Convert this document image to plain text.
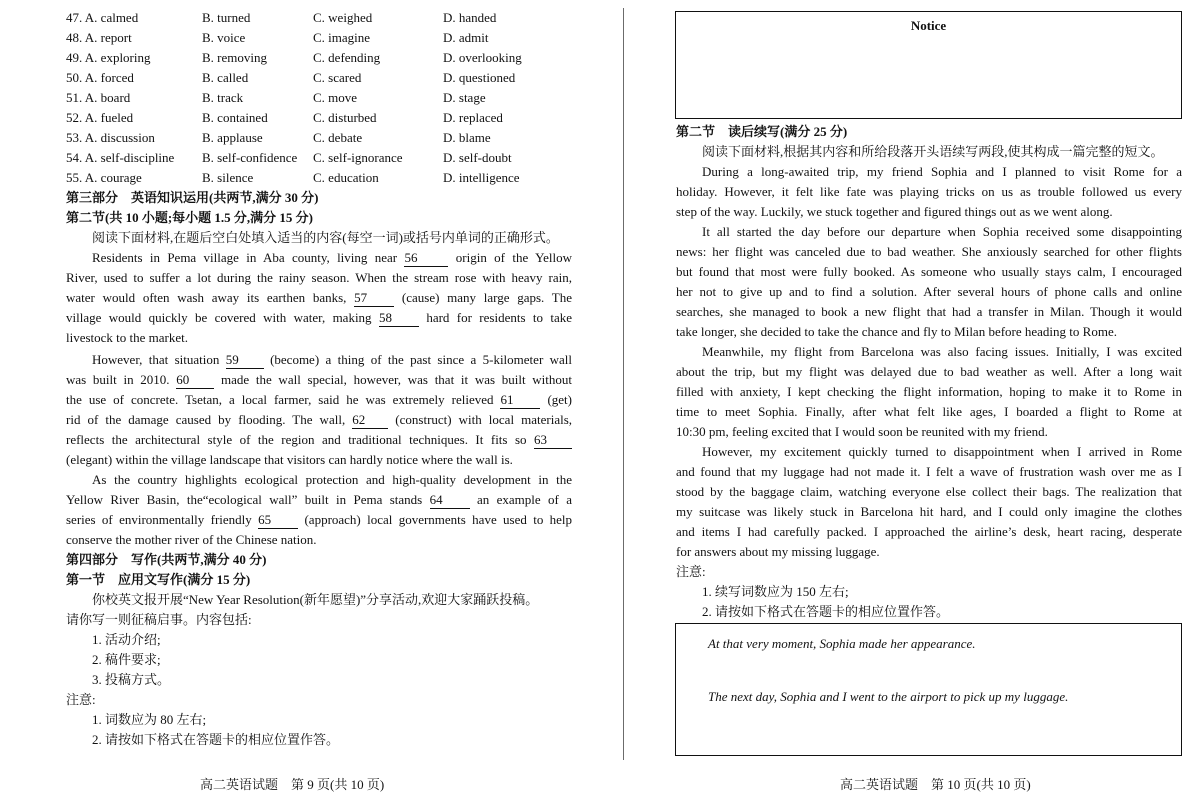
47. A. calmed	B. turned	C. weighed	D. handed
48. A. report	B. voice	C. imagine	D. admit
49. A. exploring	B. removing	C. defending	D. overlooking
50. A. forced	B. called	C. scared	D. questioned
51. A. board	B. track	C. move	D. stage
52. A. fueled	B. contained	C. disturbed	D. replaced
53. A. discussion	B. applause	C. debate	D. blame
54. A. self-discipline B. self-confidence C. self-ignorance	D. self-doubt
55. A. courage	B. silence	C. education	D. intelligence
第三部分　英语知识运用(共两节,满分 30 分)
第二节(共 10 小题;每小题 1.5 分,满分 15 分)
阅读下面材料,在题后空白处填入适当的内容(每空一词)或括号内单词的正确形式。
Residents in Pema village in Aba county, living near 56	origin of the Yellow
River, used to suffer a lot during the rainy season. When the stream rose with heavy rain,
water would often wash away its earthen banks, 57	(cause) many large gaps. The
village would quickly be covered with water, making 58	hard for residents to take
livestock to the market.
However, that situation 59 (become) a thing of the past since a 5-kilometer wall
was built in 2010. 60 made the wall special, however, was that it was built without
the use of concrete. Tsetan, a local farmer, said he was extremely relieved 61	(get)
rid of the damage caused by flooding. The wall, 62 (construct) with local materials,
reflects the architectural style of the region and traditional techniques. It fits so 63
(elegant) within the village landscape that visitors can hardly notice where the wall is.
As the country highlights ecological protection and high-quality development in the
Yellow River Basin, the“ecological wall” built in Pema stands 64	an example of a
series of environmentally friendly 65	(approach) local governments have used to help
conserve the mother river of the Chinese nation.
第四部分　写作(共两节,满分 40 分)
第一节　应用文写作(满分 15 分)
你校英文报开展“New Year Resolution(新年愿望)”分享活动,欢迎大家踊跃投稿。
请你写一则征稿启事。内容包括:
1. 活动介绍;
2. 稿件要求;
3. 投稿方式。
注意:
1. 词数应为 80 左右;
2. 请按如下格式在答题卡的相应位置作答。
高二英语试题　第 9 页(共 10 页)
Notice
第二节　读后续写(满分 25 分)
阅读下面材料,根据其内容和所给段落开头语续写两段,使其构成一篇完整的短文。
During a long-awaited trip, my friend Sophia and I planned to visit Rome for a
holiday. However, it felt like fate was playing tricks on us as trouble followed us every
step of the way. Luckily, we stuck together and figured things out as we went along.
It all started the day before our departure when Sophia received some disappointing
news: her flight was canceled due to bad weather. She anxiously searched for other flights
but found that most were fully booked. As someone who usually stays calm, I encouraged
her not to give up and to find a solution. After several hours of phone calls and online
searches, she managed to book a new flight that had a transfer in Milan. Though it would
take longer, she decided to take the chance and fly to Milan before heading to Rome.
Meanwhile, my flight from Barcelona was also facing issues. Initially, I was excited
about the trip, but my flight was delayed due to bad weather as well. After a long wait
filled with anxiety, I kept checking the flight information, hoping to make it to Rome in
time to meet Sophia. Finally, after what felt like ages, I boarded a flight to Rome at
10:30 pm, feeling excited that I would soon be reunited with my friend.
However, my excitement quickly turned to disappointment when I arrived in Rome
and found that my luggage had not made it. I felt a wave of frustration wash over me as I
stood by the baggage claim, watching everyone else collect their bags. The realization that
my suitcase was likely stuck in Barcelona hit hard, and I could only imagine the clothes
and items I had carefully packed. I approached the airline’s desk, heart racing, desperate
for answers about my missing luggage.
注意:
1. 续写词数应为 150 左右;
2. 请按如下格式在答题卡的相应位置作答。
At that very moment, Sophia made her appearance.
The next day, Sophia and I went to the airport to pick up my luggage.
高二英语试题　第 10 页(共 10 页)
